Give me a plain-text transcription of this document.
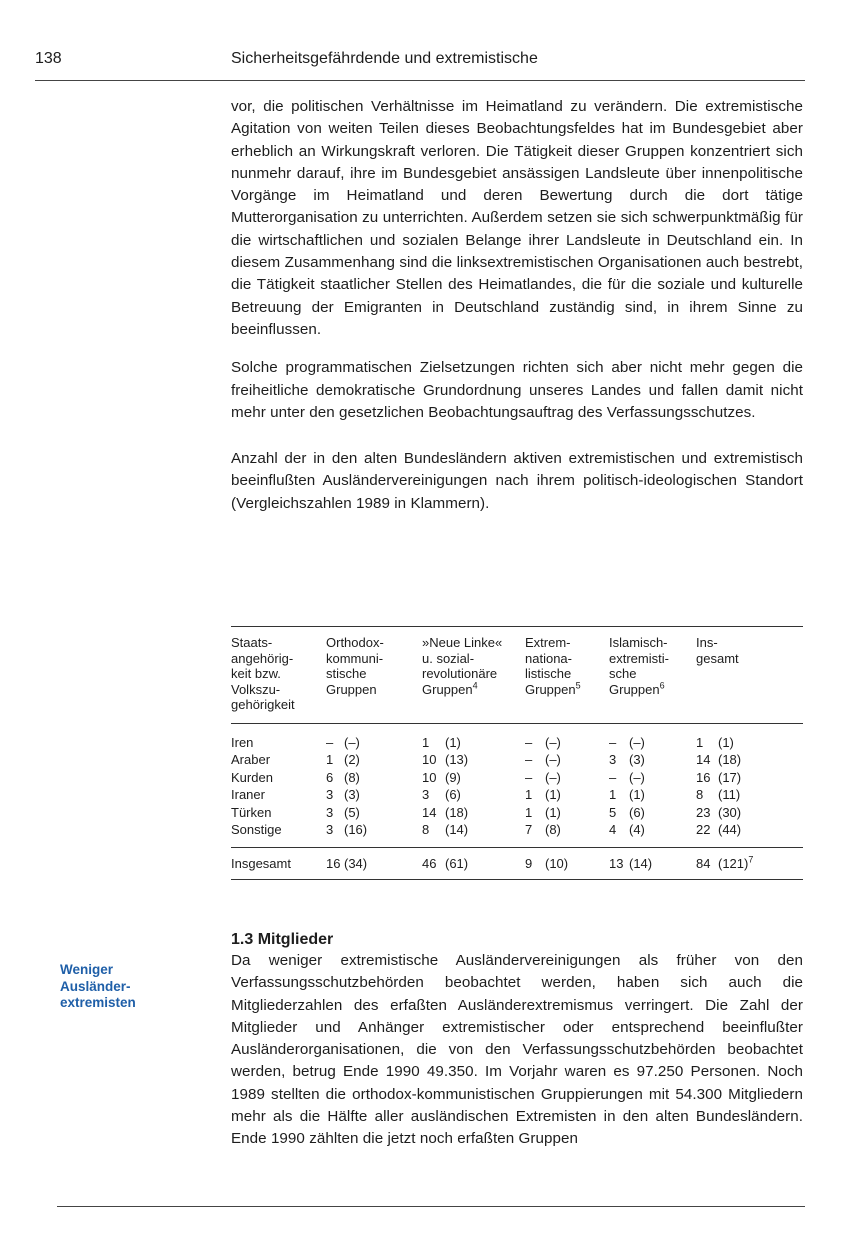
138	Sicherheitsgefährdende und extremistische

vor, die politischen Verhältnisse im Heimatland zu verändern. Die extremistische Agitation von weiten Teilen dieses Beobachtungsfeldes hat im Bundesgebiet aber erheblich an Wirkungskraft verloren. Die Tätigkeit dieser Gruppen konzentriert sich nunmehr darauf, ihre im Bundesgebiet ansässigen Landsleute über innenpolitische Vorgänge im Heimatland und deren Bewertung durch die dort tätige Mutterorganisation zu unterrichten. Außerdem setzen sie sich schwerpunktmäßig für die wirtschaftlichen und sozialen Belange ihrer Landsleute in Deutschland ein. In diesem Zusammenhang sind die linksextremistischen Organisationen auch bestrebt, die Tätigkeit staatlicher Stellen des Heimatlandes, die für die soziale und kulturelle Betreuung der Emigranten in Deutschland zuständig sind, in ihrem Sinne zu beeinflussen.

Solche programmatischen Zielsetzungen richten sich aber nicht mehr gegen die freiheitliche demokratische Grundordnung unseres Landes und fallen damit nicht mehr unter den gesetzlichen Beobachtungsauftrag des Verfassungsschutzes.

Anzahl der in den alten Bundesländern aktiven extremistischen und extremistisch beeinflußten Ausländervereinigungen nach ihrem politisch-ideologischen Standort (Vergleichszahlen 1989 in Klammern).

Staats-
angehörig-
keit bzw.
Volkszu-
gehörigkeit	Orthodox-
kommuni-
stische
Gruppen	»Neue Linke«
u. sozial-
revolutionäre
Gruppen$^4$	Extrem-
nationa-
listische
Gruppen$^5$	Islamisch-
extremisti-
sche
Gruppen$^6$	Ins-
gesamt
Iren	–	(–)	1	(1)	–	(–)	–	(–)	1	(1)
Araber	1	(2)	10	(13)	–	(–)	3	(3)	14	(18)
Kurden	6	(8)	10	(9)	–	(–)	–	(–)	16	(17)
Iraner	3	(3)	3	(6)	1	(1)	1	(1)	8	(11)
Türken	3	(5)	14	(18)	1	(1)	5	(6)	23	(30)
Sonstige	3	(16)	8	(14)	7	(8)	4	(4)	22	(44)
Insgesamt	16	(34)	46	(61)	9	(10)	13	(14)	84	$(121)^7$
Weniger
Ausländer-
extremisten
1.3 Mitglieder

Da weniger extremistische Ausländervereinigungen als früher von den Verfassungsschutzbehörden beobachtet werden, haben sich auch die Mitgliederzahlen des erfaßten Ausländerextremismus verringert. Die Zahl der Mitglieder und Anhänger extremistischer oder entsprechend beeinflußter Ausländerorganisationen, die von den Verfassungsschutzbehörden beobachtet werden, betrug Ende 1990 49.350. Im Vorjahr waren es 97.250 Personen. Noch 1989 stellten die orthodox-kommunistischen Gruppierungen mit 54.300 Mitgliedern mehr als die Hälfte aller ausländischen Extremisten in den alten Bundesländern. Ende 1990 zählten die jetzt noch erfaßten Gruppen
